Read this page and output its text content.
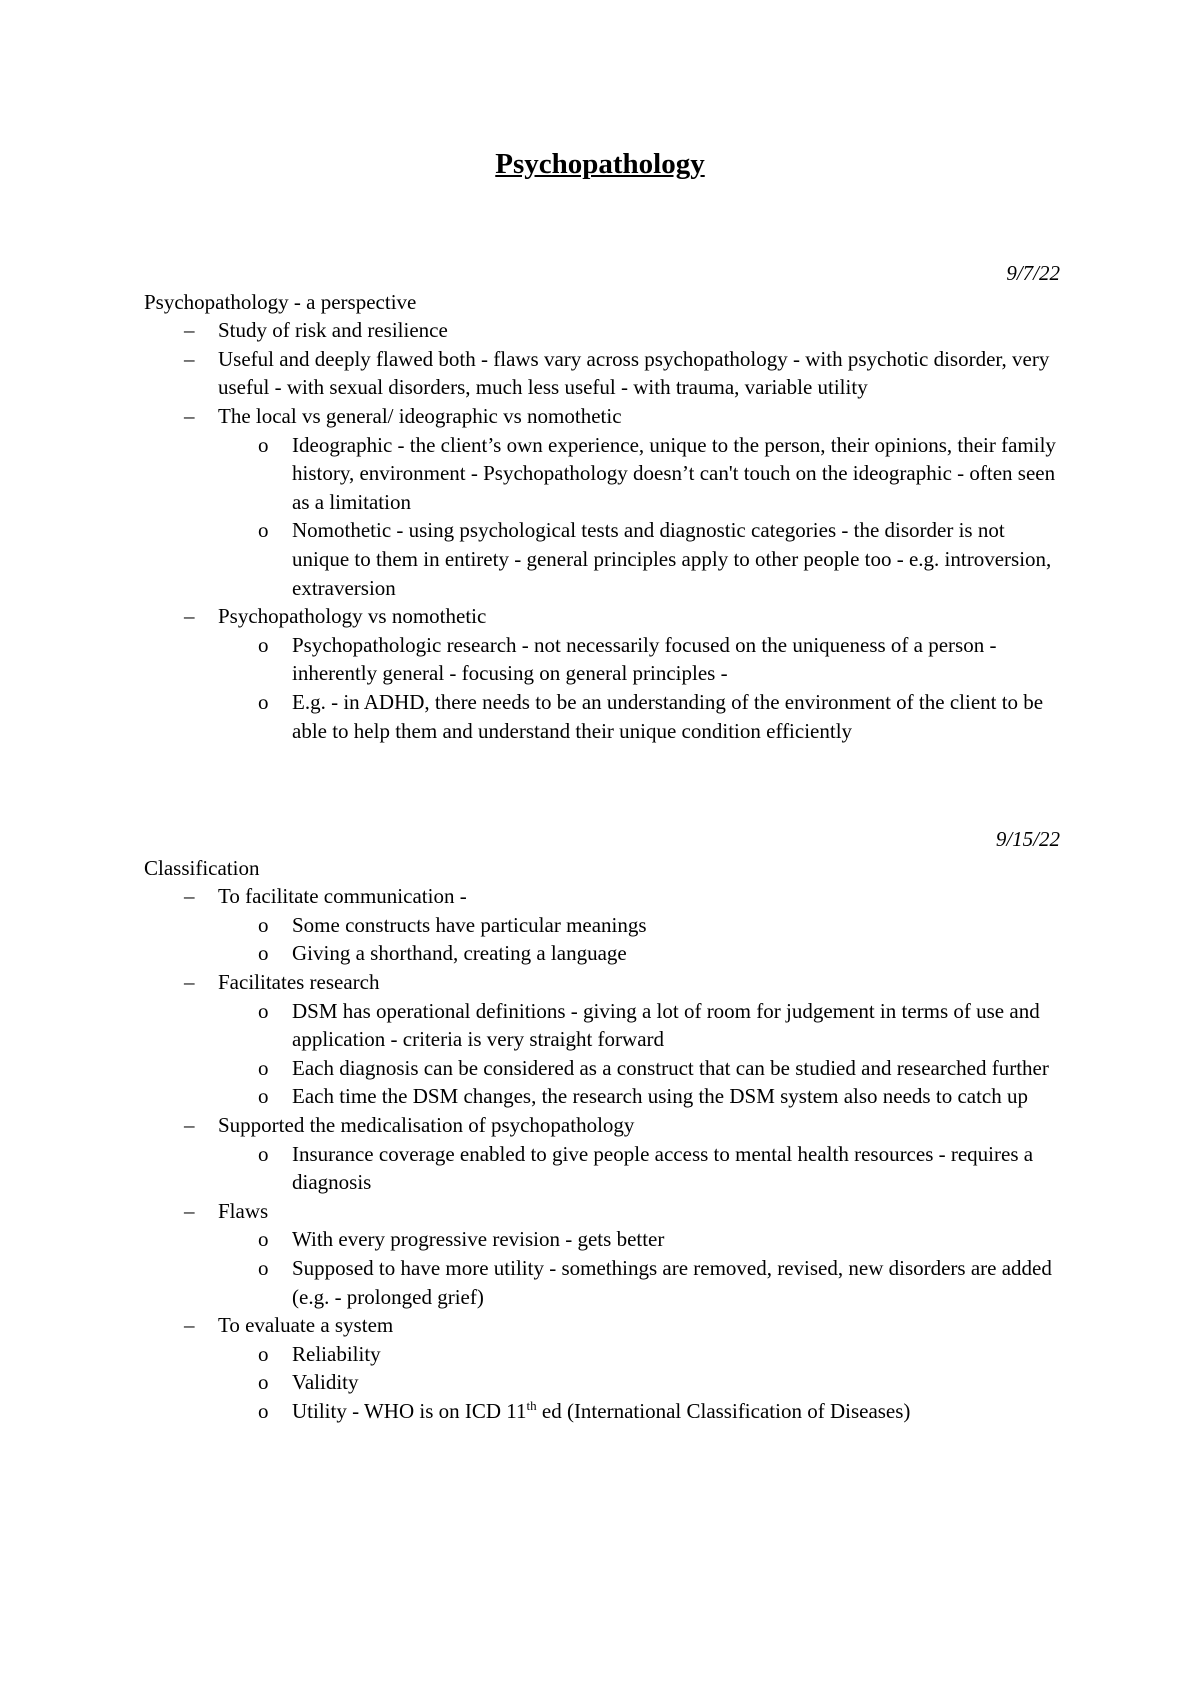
Psychopathology

9/7/22

Psychopathology - a perspective

– Study of risk and resilience
– Useful and deeply flawed both - flaws vary across psychopathology - with psychotic disorder, very useful - with sexual disorders, much less useful - with trauma, variable utility
– The local vs general/ ideographic vs nomothetic
o Ideographic - the client’s own experience, unique to the person, their opinions, their family history, environment - Psychopathology doesn’t can't touch on the ideographic - often seen as a limitation
o Nomothetic - using psychological tests and diagnostic categories - the disorder is not unique to them in entirety - general principles apply to other people too - e.g. introversion, extraversion
– Psychopathology vs nomothetic
o Psychopathologic research - not necessarily focused on the uniqueness of a person - inherently general - focusing on general principles -
o E.g. - in ADHD, there needs to be an understanding of the environment of the client to be able to help them and understand their unique condition efficiently

9/15/22

Classification

– To facilitate communication -
o Some constructs have particular meanings
o Giving a shorthand, creating a language
– Facilitates research
o DSM has operational definitions - giving a lot of room for judgement in terms of use and application - criteria is very straight forward
o Each diagnosis can be considered as a construct that can be studied and researched further
o Each time the DSM changes, the research using the DSM system also needs to catch up
– Supported the medicalisation of psychopathology
o Insurance coverage enabled to give people access to mental health resources - requires a diagnosis
– Flaws
o With every progressive revision - gets better
o Supposed to have more utility - somethings are removed, revised, new disorders are added (e.g. - prolonged grief)
– To evaluate a system
o Reliability
o Validity
o Utility - WHO is on ICD 11th ed (International Classification of Diseases)
